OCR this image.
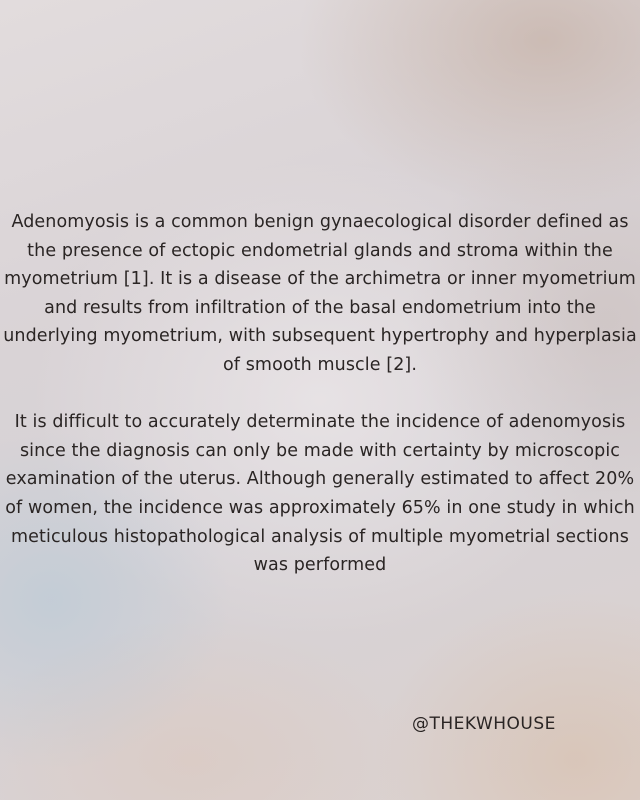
Adenomyosis is a common benign gynaecological disorder defined as the presence of ectopic endometrial glands and stroma within the myometrium [1]. It is a disease of the archimetra or inner myometrium and results from infiltration of the basal endometrium into the underlying myometrium, with subsequent hypertrophy and hyperplasia of smooth muscle [2].

It is difficult to accurately determinate the incidence of adenomyosis since the diagnosis can only be made with certainty by microscopic examination of the uterus. Although generally estimated to affect 20% of women, the incidence was approximately 65% in one study in which meticulous histopathological analysis of multiple myometrial sections was performed

@THEKWHOUSE
